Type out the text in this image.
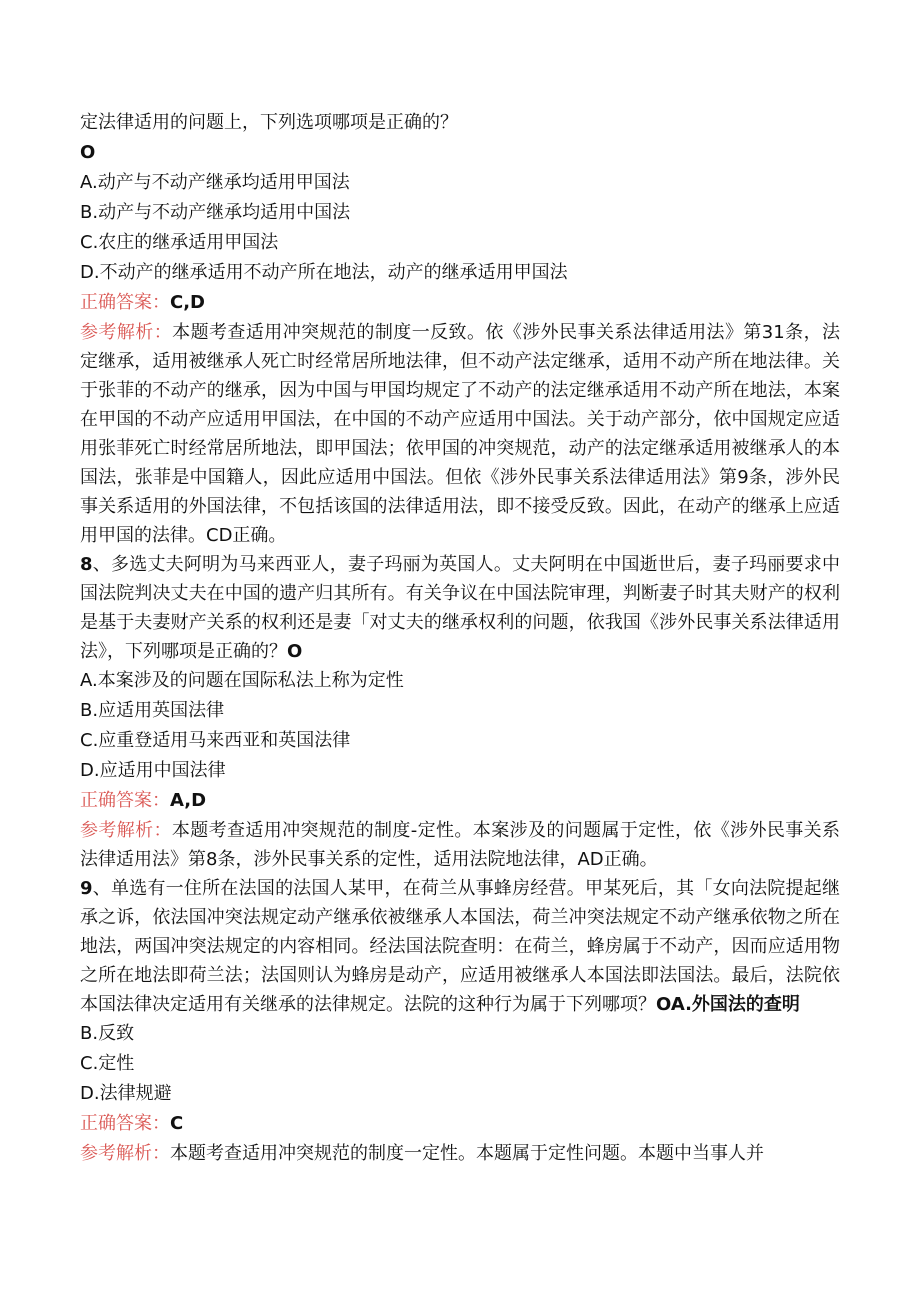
定法律适用的问题上，下列选项哪项是正确的？

O

A.动产与不动产继承均适用甲国法

B.动产与不动产继承均适用中国法

C.农庄的继承适用甲国法

D.不动产的继承适用不动产所在地法，动产的继承适用甲国法

正确答案：C,D

参考解析：本题考查适用冲突规范的制度一反致。依《涉外民事关系法律适用法》第31条，法定继承，适用被继承人死亡时经常居所地法律，但不动产法定继承，适用不动产所在地法律。关于张菲的不动产的继承，因为中国与甲国均规定了不动产的法定继承适用不动产所在地法，本案在甲国的不动产应适用甲国法，在中国的不动产应适用中国法。关于动产部分，依中国规定应适用张菲死亡时经常居所地法，即甲国法；依甲国的冲突规范，动产的法定继承适用被继承人的本国法，张菲是中国籍人，因此应适用中国法。但依《涉外民事关系法律适用法》第9条，涉外民事关系适用的外国法律，不包括该国的法律适用法，即不接受反致。因此，在动产的继承上应适用甲国的法律。CD正确。

8、多选丈夫阿明为马来西亚人，妻子玛丽为英国人。丈夫阿明在中国逝世后，妻子玛丽要求中国法院判决丈夫在中国的遗产归其所有。有关争议在中国法院审理，判断妻子时其夫财产的权利是基于夫妻财产关系的权利还是妻「对丈夫的继承权利的问题，依我国《涉外民事关系法律适用法》，下列哪项是正确的？O

A.本案涉及的问题在国际私法上称为定性

B.应适用英国法律

C.应重登适用马来西亚和英国法律

D.应适用中国法律

正确答案：A,D

参考解析：本题考查适用冲突规范的制度-定性。本案涉及的问题属于定性，依《涉外民事关系法律适用法》第8条，涉外民事关系的定性，适用法院地法律，AD正确。

9、单选有一住所在法国的法国人某甲，在荷兰从事蜂房经营。甲某死后，其「女向法院提起继承之诉，依法国冲突法规定动产继承依被继承人本国法，荷兰冲突法规定不动产继承依物之所在地法，两国冲突法规定的内容相同。经法国法院查明：在荷兰，蜂房属于不动产，因而应适用物之所在地法即荷兰法；法国则认为蜂房是动产，应适用被继承人本国法即法国法。最后，法院依本国法律决定适用有关继承的法律规定。法院的这种行为属于下列哪项？OA.外国法的查明

B.反致

C.定性

D.法律规避

正确答案：C

参考解析：本题考查适用冲突规范的制度一定性。本题属于定性问题。本题中当事人并
